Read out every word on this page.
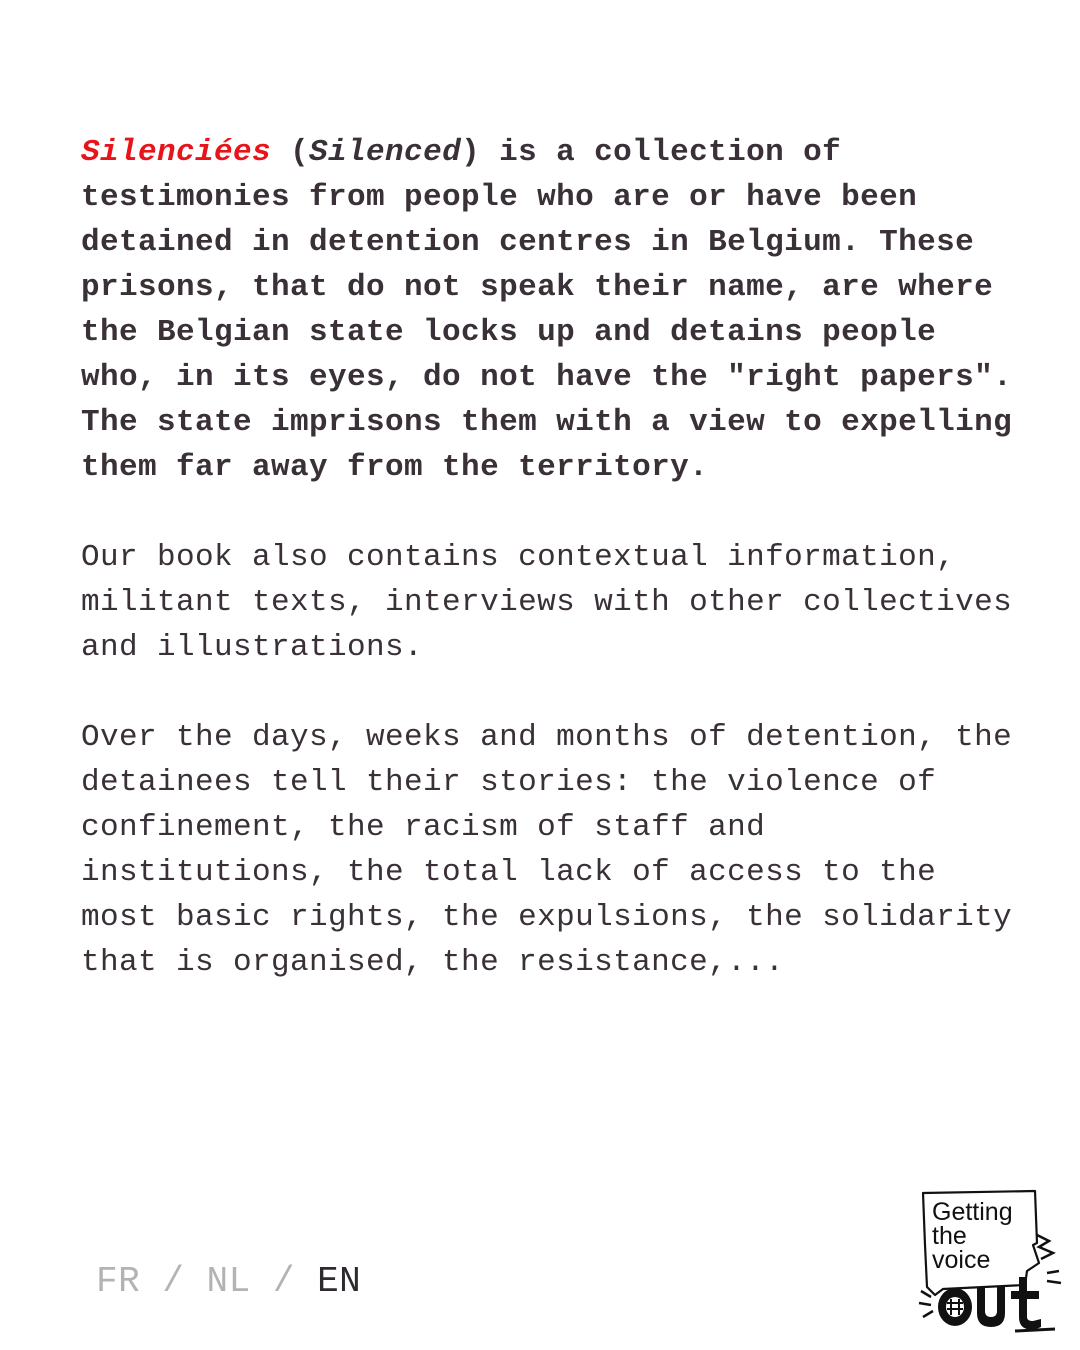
Silenciées (Silenced) is a collection of testimonies from people who are or have been detained in detention centres in Belgium. These prisons, that do not speak their name, are where the Belgian state locks up and detains people who, in its eyes, do not have the "right papers". The state imprisons them with a view to expelling them far away from the territory.

Our book also contains contextual information, militant texts, interviews with other collectives and illustrations.

Over the days, weeks and months of detention, the detainees tell their stories: the violence of confinement, the racism of staff and institutions, the total lack of access to the most basic rights, the expulsions, the solidarity that is organised, the resistance,...

FR / NL / EN
Getting
the
voice
